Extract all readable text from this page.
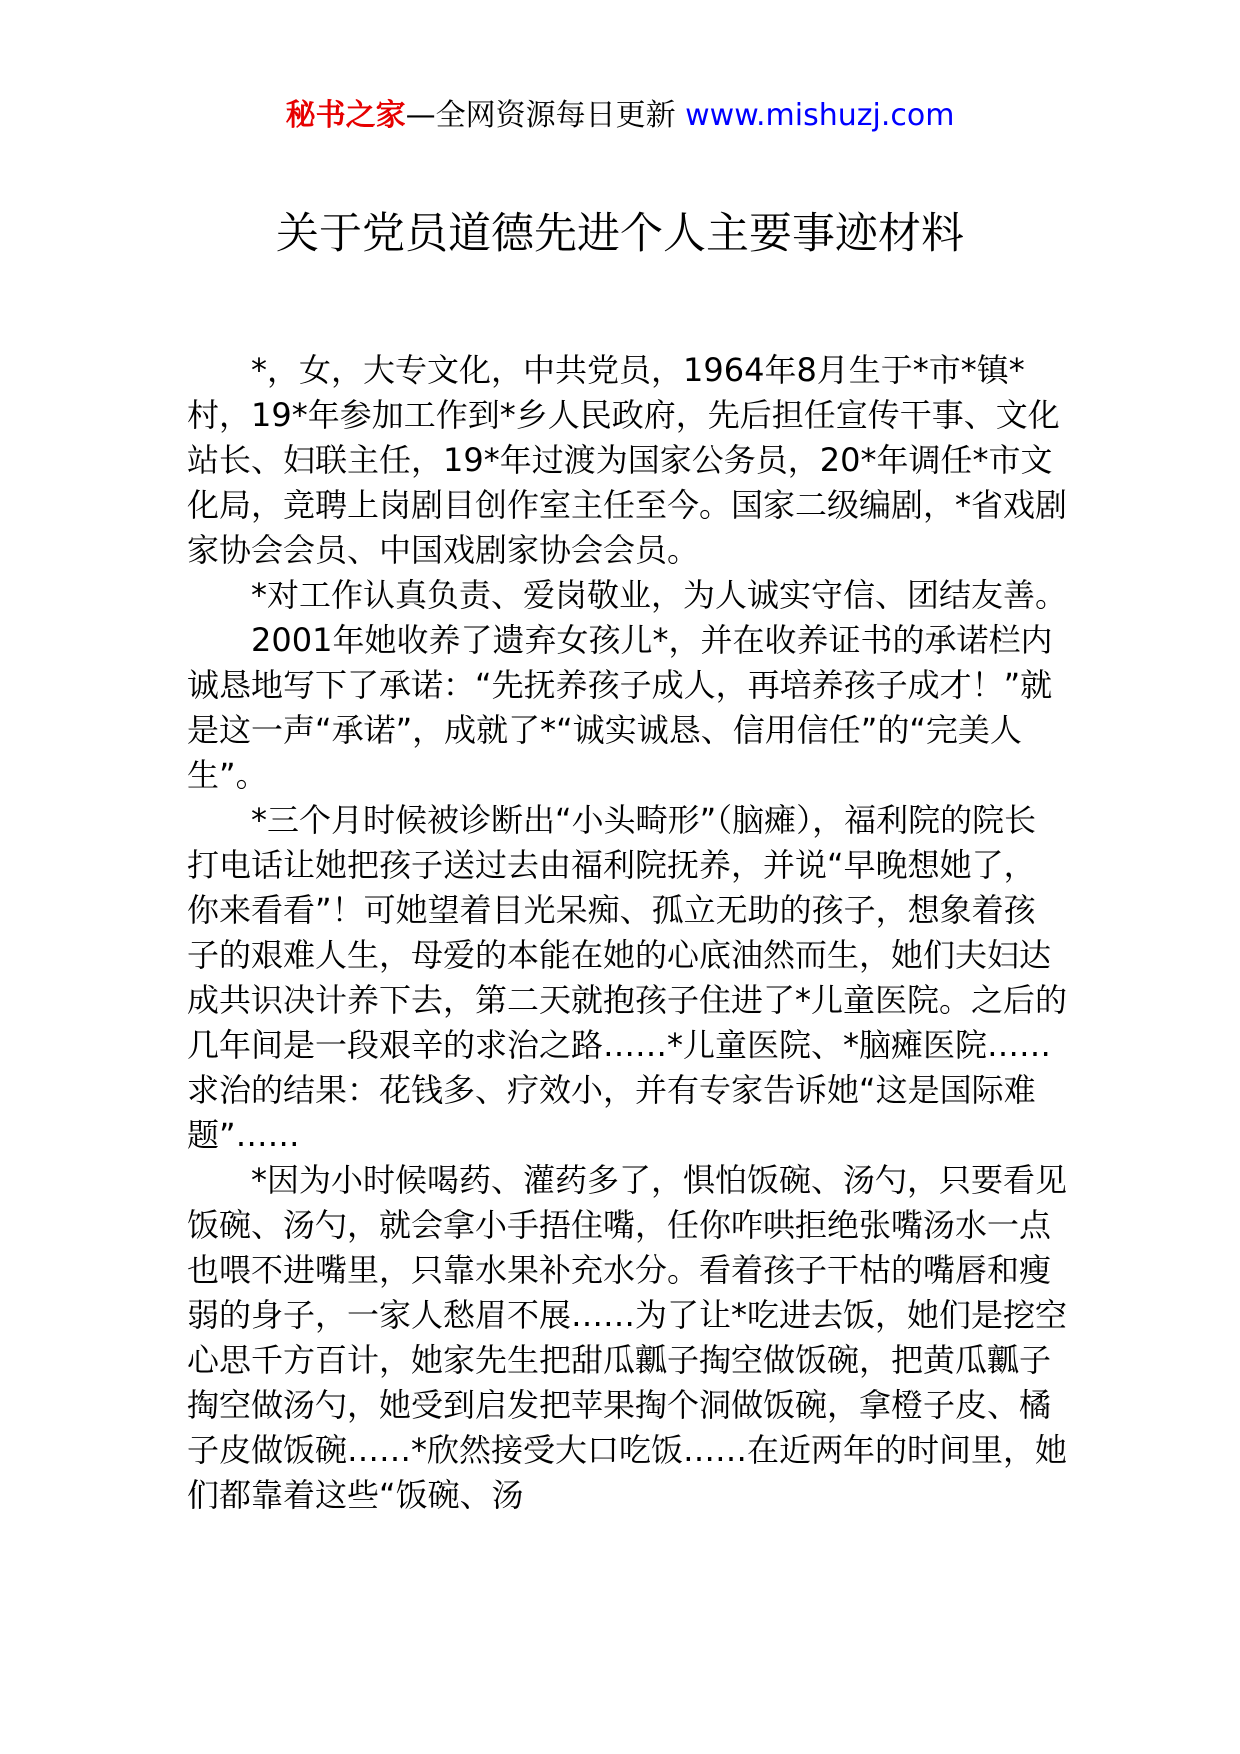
秘书之家—全网资源每日更新 www.mishuzj.com
关于党员道德先进个人主要事迹材料

*，女，大专文化，中共党员，1964年8月生于*市*镇*村，19*年参加工作到*乡人民政府，先后担任宣传干事、文化站长、妇联主任，19*年过渡为国家公务员，20*年调任*市文化局，竞聘上岗剧目创作室主任至今。国家二级编剧，*省戏剧家协会会员、中国戏剧家协会会员。

*对工作认真负责、爱岗敬业，为人诚实守信、团结友善。

2001年她收养了遗弃女孩儿*，并在收养证书的承诺栏内诚恳地写下了承诺：“先抚养孩子成人，再培养孩子成才！”就是这一声“承诺”，成就了*“诚实诚恳、信用信任”的“完美人生”。

*三个月时候被诊断出“小头畸形”（脑瘫），福利院的院长打电话让她把孩子送过去由福利院抚养，并说“早晚想她了，你来看看”！可她望着目光呆痴、孤立无助的孩子，想象着孩子的艰难人生，母爱的本能在她的心底油然而生，她们夫妇达成共识决计养下去，第二天就抱孩子住进了*儿童医院。之后的几年间是一段艰辛的求治之路……*儿童医院、*脑瘫医院……求治的结果：花钱多、疗效小，并有专家告诉她“这是国际难题”……

*因为小时候喝药、灌药多了，惧怕饭碗、汤勺，只要看见饭碗、汤勺，就会拿小手捂住嘴，任你咋哄拒绝张嘴汤水一点也喂不进嘴里，只靠水果补充水分。看着孩子干枯的嘴唇和瘦弱的身子，一家人愁眉不展……为了让*吃进去饭，她们是挖空心思千方百计，她家先生把甜瓜瓤子掏空做饭碗，把黄瓜瓤子掏空做汤勺，她受到启发把苹果掏个洞做饭碗，拿橙子皮、橘子皮做饭碗……*欣然接受大口吃饭……在近两年的时间里，她们都靠着这些“饭碗、汤
